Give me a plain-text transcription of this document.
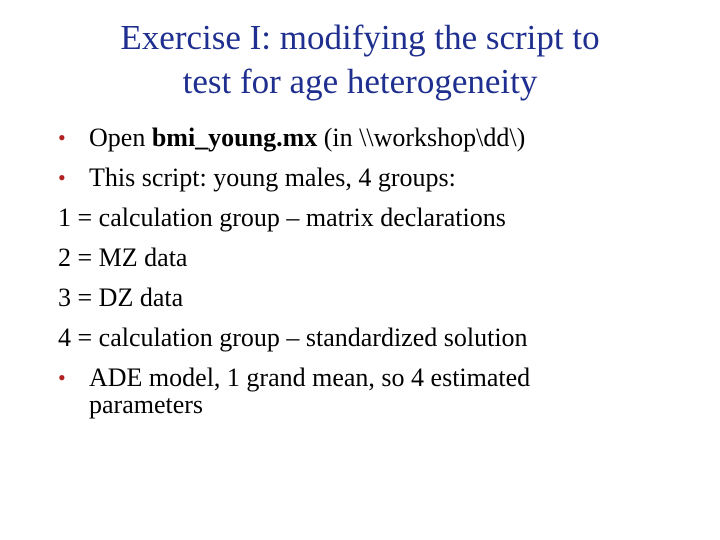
Exercise I: modifying the script to
test for age heterogeneity
• Open bmi_young.mx (in \\workshop\dd\)
• This script: young males, 4 groups:
1 = calculation group – matrix declarations
2 = MZ data
3 = DZ data
4 = calculation group – standardized solution
• ADE model, 1 grand mean, so 4 estimated
parameters
